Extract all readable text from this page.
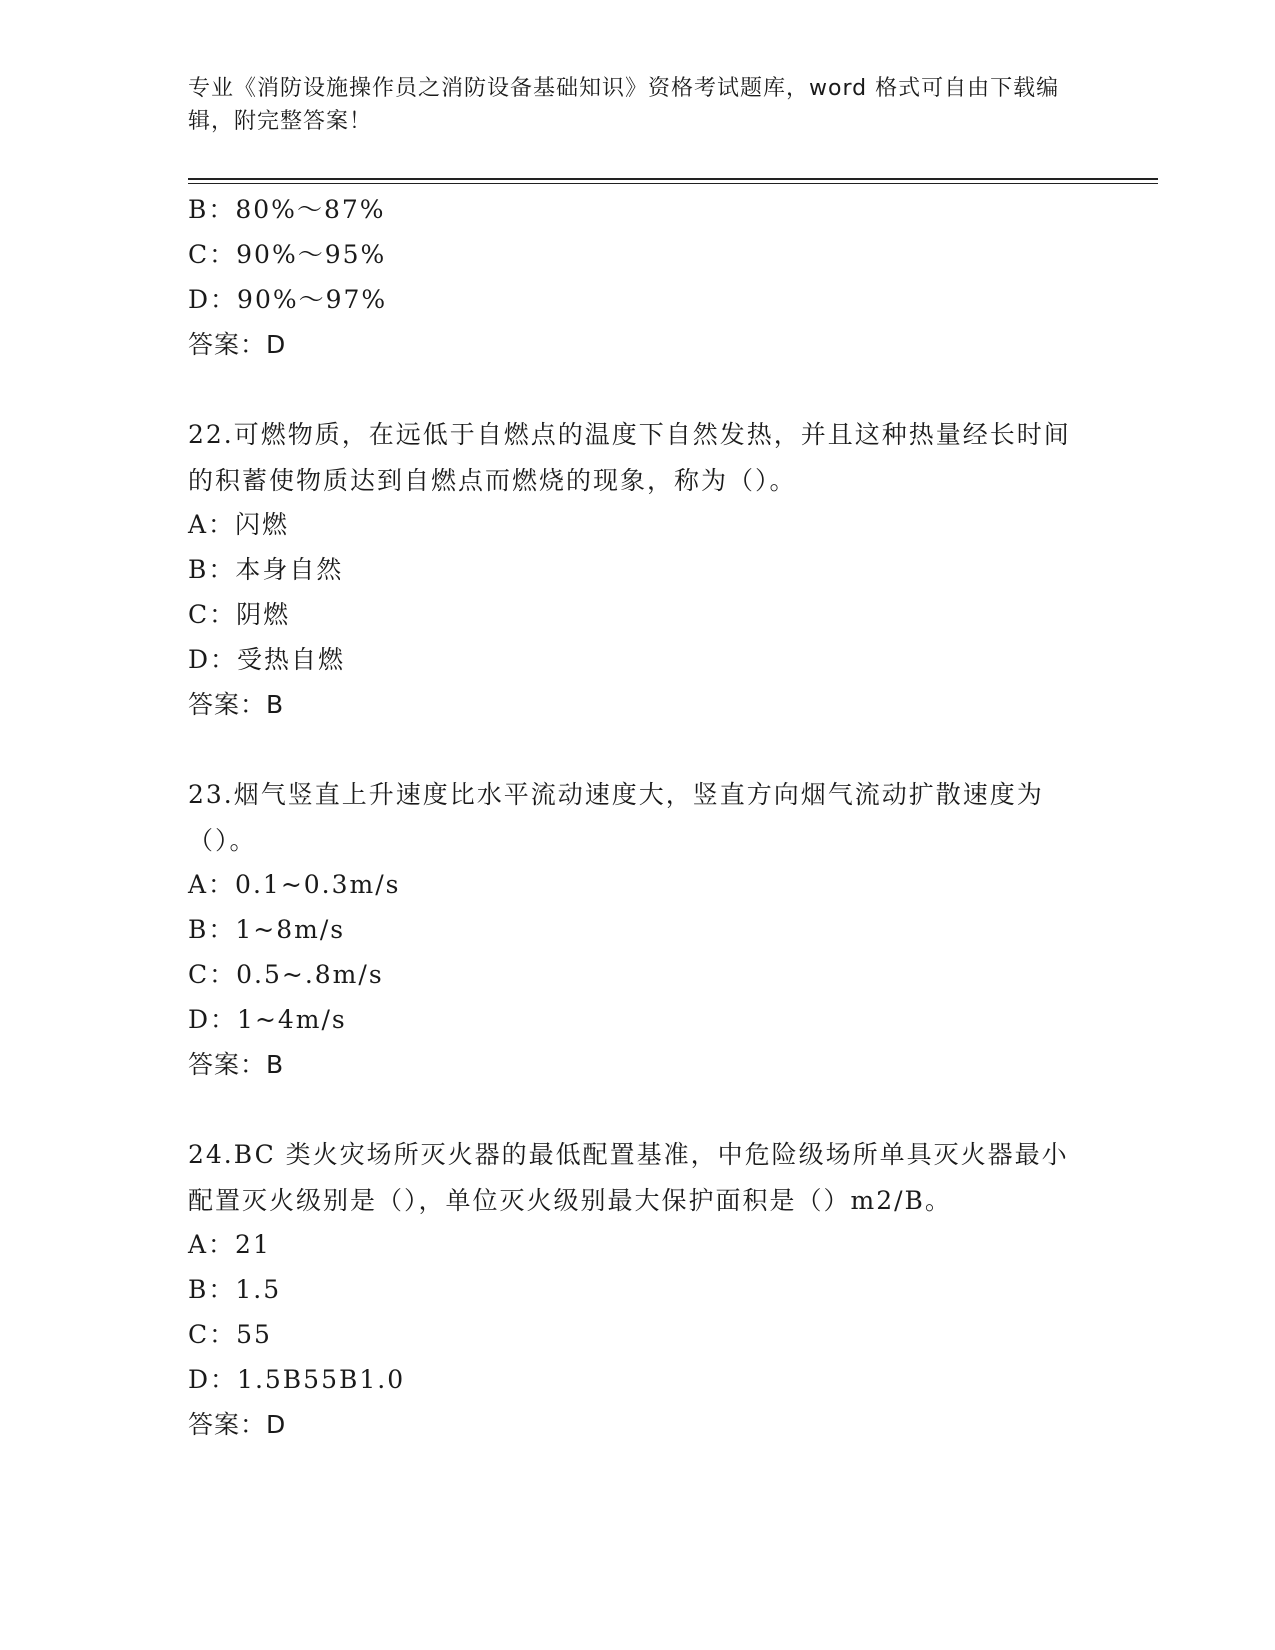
专业《消防设施操作员之消防设备基础知识》资格考试题库，word 格式可自由下载编辑，附完整答案！
B：80%～87%
C：90%～95%
D：90%～97%
答案：D
22.可燃物质，在远低于自燃点的温度下自然发热，并且这种热量经长时间的积蓄使物质达到自燃点而燃烧的现象，称为（）。
A：闪燃
B：本身自然
C：阴燃
D：受热自燃
答案：B
23.烟气竖直上升速度比水平流动速度大，竖直方向烟气流动扩散速度为（）。
A：0.1~0.3m/s
B：1~8m/s
C：0.5~.8m/s
D：1~4m/s
答案：B
24.BC 类火灾场所灭火器的最低配置基准，中危险级场所单具灭火器最小配置灭火级别是（），单位灭火级别最大保护面积是（）m2/B。
A：21
B：1.5
C：55
D：1.5B55B1.0
答案：D
